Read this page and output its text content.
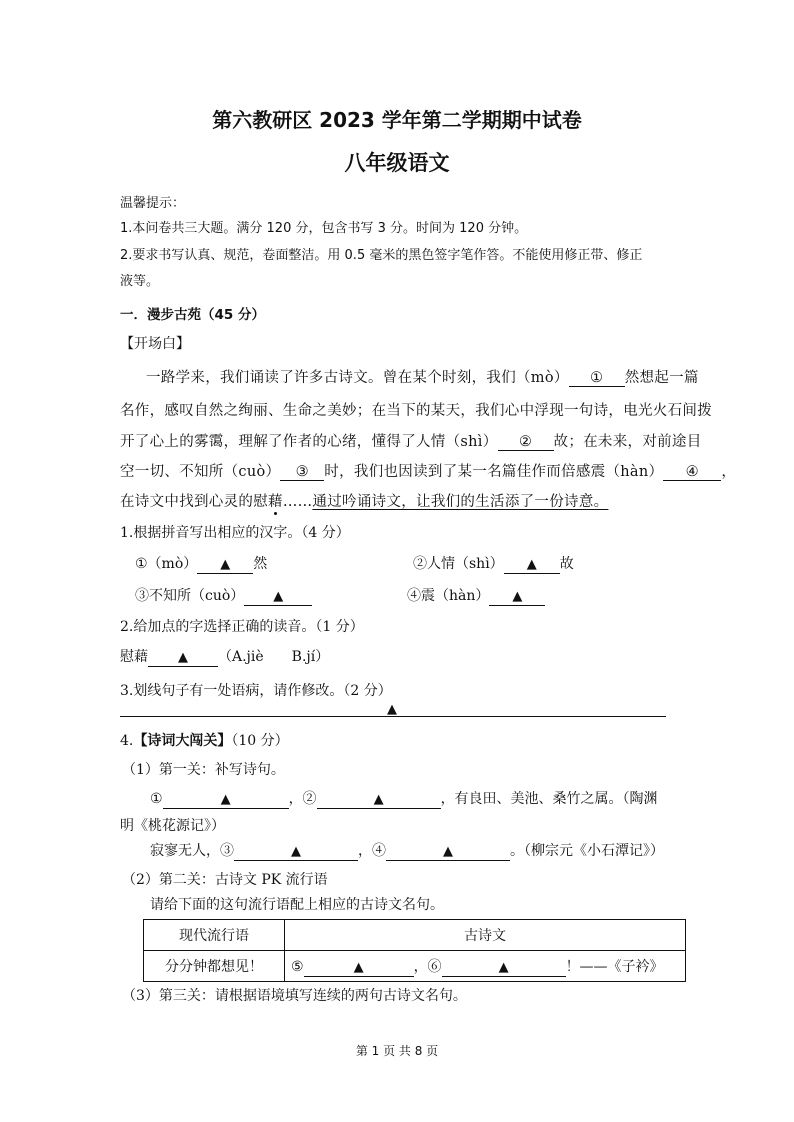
第六教研区 2023 学年第二学期期中试卷
八年级语文
温馨提示：
1.本问卷共三大题。满分 120 分，包含书写 3 分。时间为 120 分钟。
2.要求书写认真、规范，卷面整洁。用 0.5 毫米的黑色签字笔作答。不能使用修正带、修正
液等。
一．漫步古苑（45 分）
【开场白】
一路学来，我们诵读了许多古诗文。曾在某个时刻，我们（mò） ① 然想起一篇
名作，感叹自然之绚丽、生命之美妙；在当下的某天，我们心中浮现一句诗，电光火石间拨
开了心上的雾霭，理解了作者的心绪，懂得了人情（shì） ② 故；在未来，对前途目
空一切、不知所（cuò） ③ 时，我们也因读到了某一名篇佳作而倍感震（hàn） ④ ，
在诗文中找到心灵的慰藉……通过吟诵诗文，让我们的生活添了一份诗意。
1.根据拼音写出相应的汉字。（4 分）
①（mò） ▲ 然	②人情（shì） ▲ 故
③不知所（cuò） ▲	④震（hàn） ▲
2.给加点的字选择正确的读音。（1 分）
慰藉 ▲ （A.jiè　　B.jí）
3.划线句子有一处语病，请作修改。（2 分）
▲
4.【诗词大闯关】（10 分）
（1）第一关：补写诗句。
①	▲	，②	▲	，有良田、美池、桑竹之属。（陶渊
明《桃花源记》）
寂寥无人，③	▲	，④	▲	。（柳宗元《小石潭记》）
（2）第二关：古诗文 PK 流行语
请给下面的这句流行语配上相应的古诗文名句。
现代流行语	古诗文
分分钟都想见！	⑤ ▲ ，⑥ ▲ ！——《子衿》
（3）第三关：请根据语境填写连续的两句古诗文名句。
第 1 页 共 8 页
